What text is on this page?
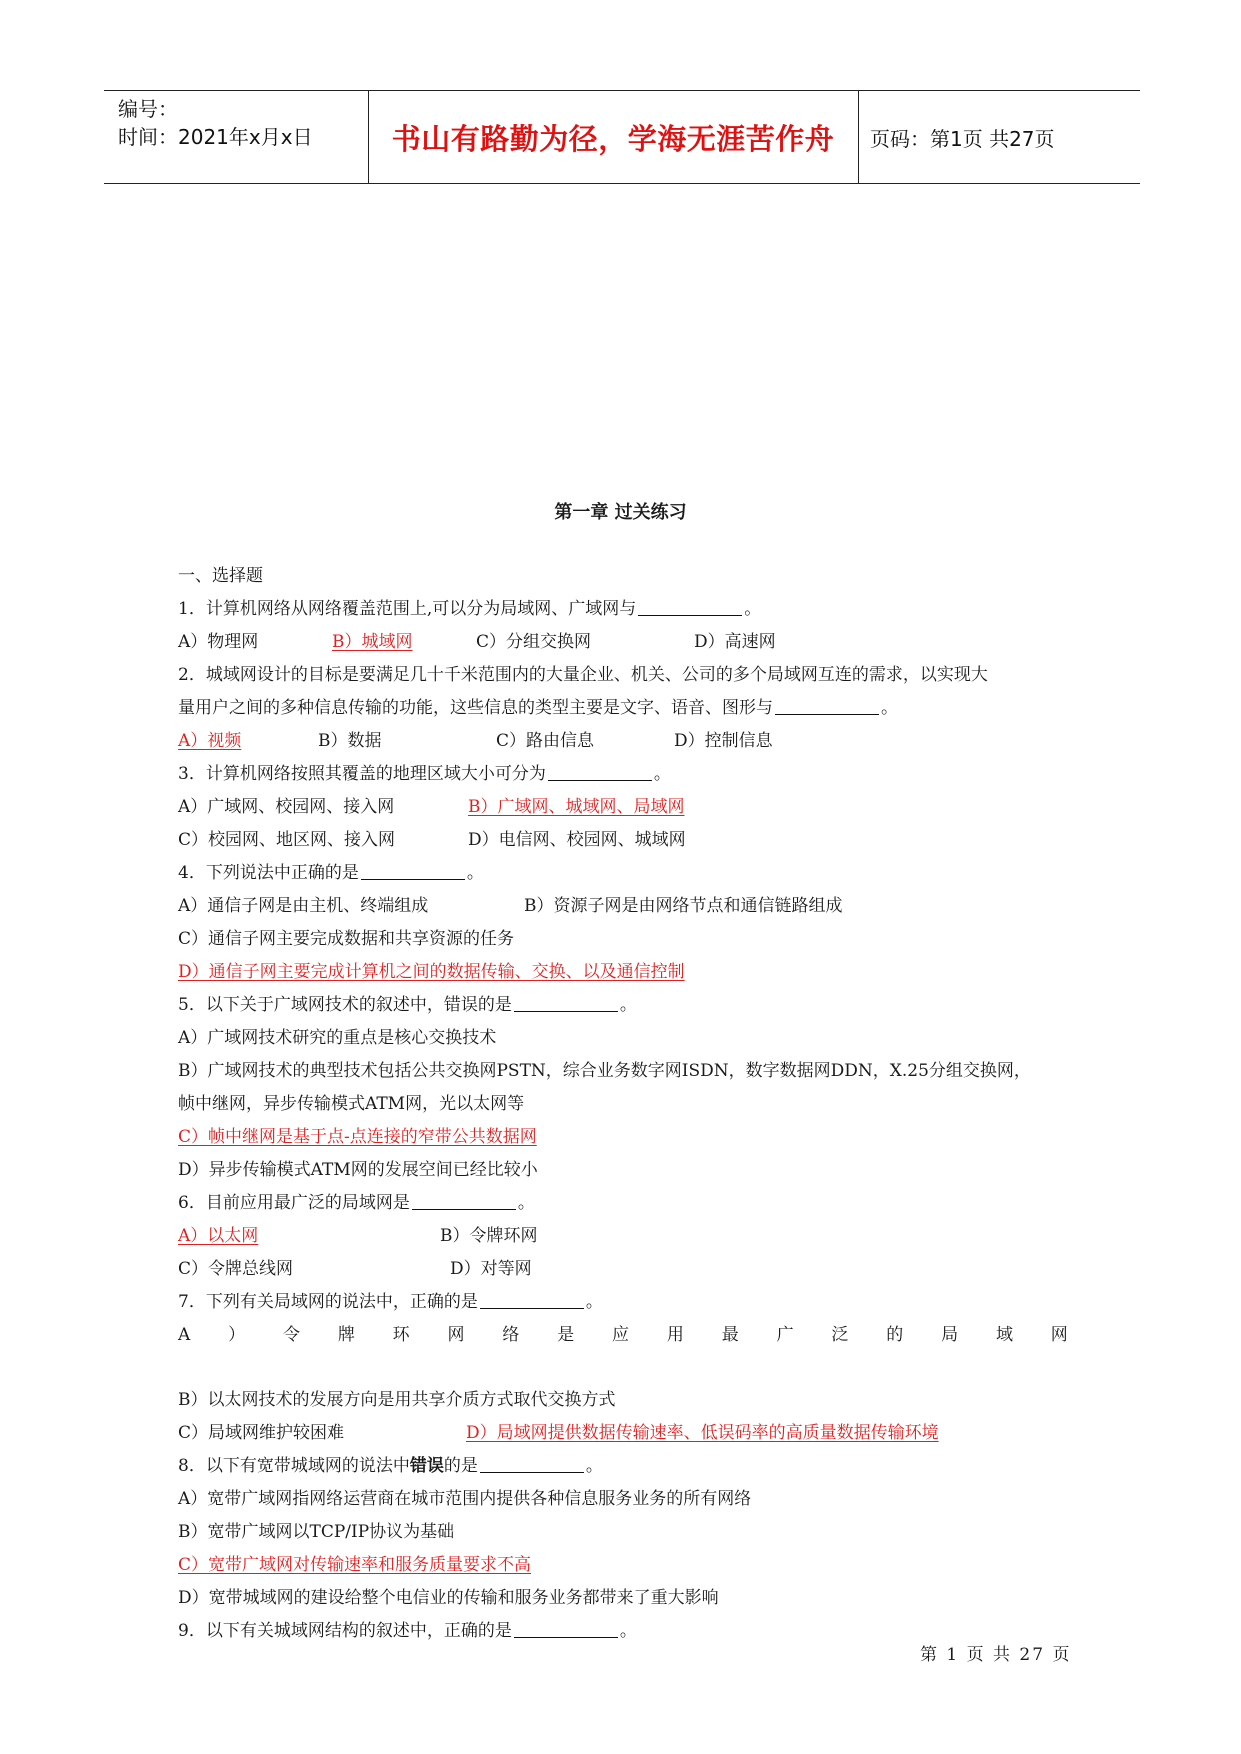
编号：
时间：2021年x月x日	书山有路勤为径，学海无涯苦作舟	页码：第1页 共27页
第一章 过关练习
一、选择题
1．计算机网络从网络覆盖范围上,可以分为局域网、广域网与	。
A）物理网	B）城域网	C）分组交换网	D）高速网
2．城域网设计的目标是要满足几十千米范围内的大量企业、机关、公司的多个局域网互连的需求，以实现大
量用户之间的多种信息传输的功能，这些信息的类型主要是文字、语音、图形与	。
A）视频	B）数据	C）路由信息	D）控制信息
3．计算机网络按照其覆盖的地理区域大小可分为	。
A）广域网、校园网、接入网	B）广域网、城域网、局域网
C）校园网、地区网、接入网	D）电信网、校园网、城域网
4．下列说法中正确的是	。
A）通信子网是由主机、终端组成	B）资源子网是由网络节点和通信链路组成
C）通信子网主要完成数据和共享资源的任务
D）通信子网主要完成计算机之间的数据传输、交换、以及通信控制
5．以下关于广域网技术的叙述中，错误的是	。
A）广域网技术研究的重点是核心交换技术
B）广域网技术的典型技术包括公共交换网PSTN，综合业务数字网ISDN，数字数据网DDN，X.25分组交换网，
帧中继网，异步传输模式ATM网，光以太网等
C）帧中继网是基于点-点连接的窄带公共数据网
D）异步传输模式ATM网的发展空间已经比较小
6．目前应用最广泛的局域网是	。
A）以太网	B）令牌环网
C）令牌总线网	D）对等网
7．下列有关局域网的说法中，正确的是	。
A ） 令 牌 环 网 络 是 应 用 最 广 泛 的 局 域 网
B）以太网技术的发展方向是用共享介质方式取代交换方式
C）局域网维护较困难	D）局域网提供数据传输速率、低误码率的高质量数据传输环境
8．以下有宽带城域网的说法中错误的是	。
A）宽带广域网指网络运营商在城市范围内提供各种信息服务业务的所有网络
B）宽带广域网以TCP/IP协议为基础
C）宽带广域网对传输速率和服务质量要求不高
D）宽带城域网的建设给整个电信业的传输和服务业务都带来了重大影响
9．以下有关城域网结构的叙述中，正确的是	。
第 1 页 共 27 页
